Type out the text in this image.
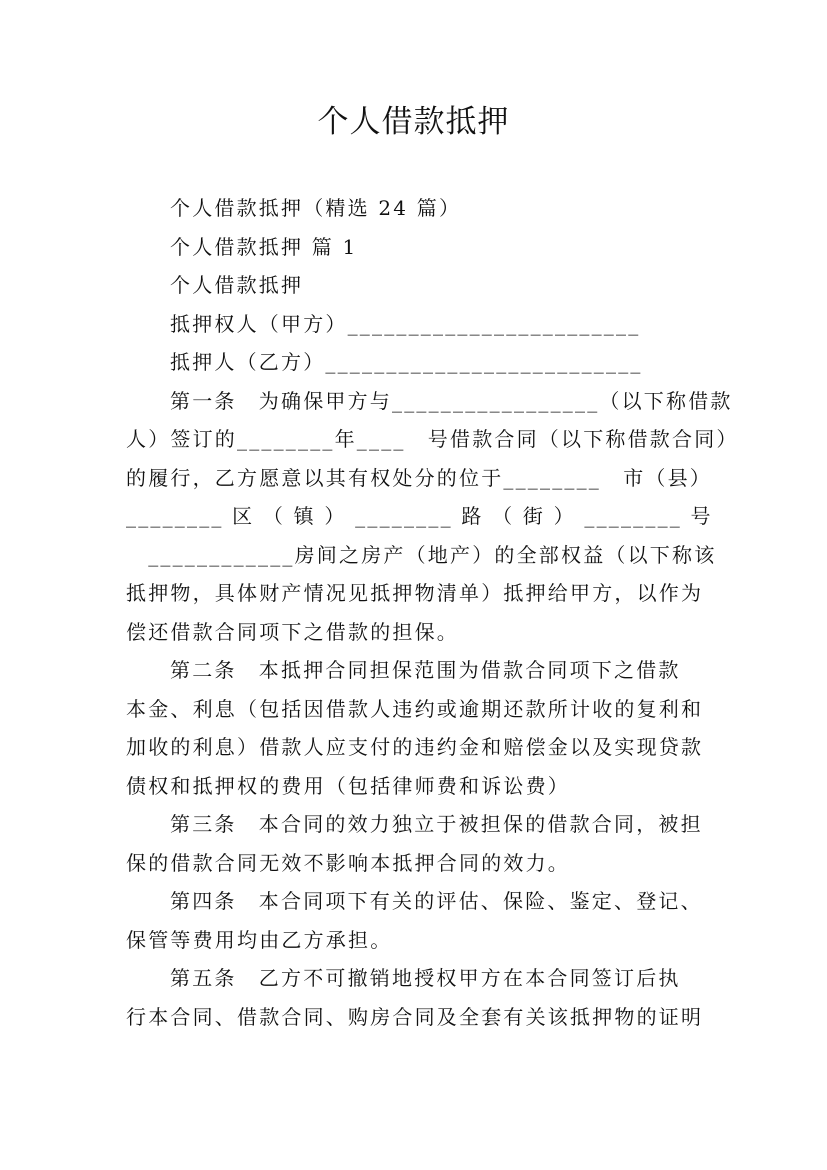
个人借款抵押
个人借款抵押（精选 24 篇）
个人借款抵押 篇 1
个人借款抵押
抵押权人（甲方）________________________
抵押人（乙方）__________________________
第一条　为确保甲方与_________________（以下称借款
人）签订的________年____　号借款合同（以下称借款合同）
的履行，乙方愿意以其有权处分的位于________　市（县）
________ 区 （ 镇 ） ________ 路 （ 街 ） ________ 号
　____________房间之房产（地产）的全部权益（以下称该
抵押物，具体财产情况见抵押物清单）抵押给甲方，以作为
偿还借款合同项下之借款的担保。
第二条　本抵押合同担保范围为借款合同项下之借款
本金、利息（包括因借款人违约或逾期还款所计收的复利和
加收的利息）借款人应支付的违约金和赔偿金以及实现贷款
债权和抵押权的费用（包括律师费和诉讼费）
第三条　本合同的效力独立于被担保的借款合同，被担
保的借款合同无效不影响本抵押合同的效力。
第四条　本合同项下有关的评估、保险、鉴定、登记、
保管等费用均由乙方承担。
第五条　乙方不可撤销地授权甲方在本合同签订后执
行本合同、借款合同、购房合同及全套有关该抵押物的证明
